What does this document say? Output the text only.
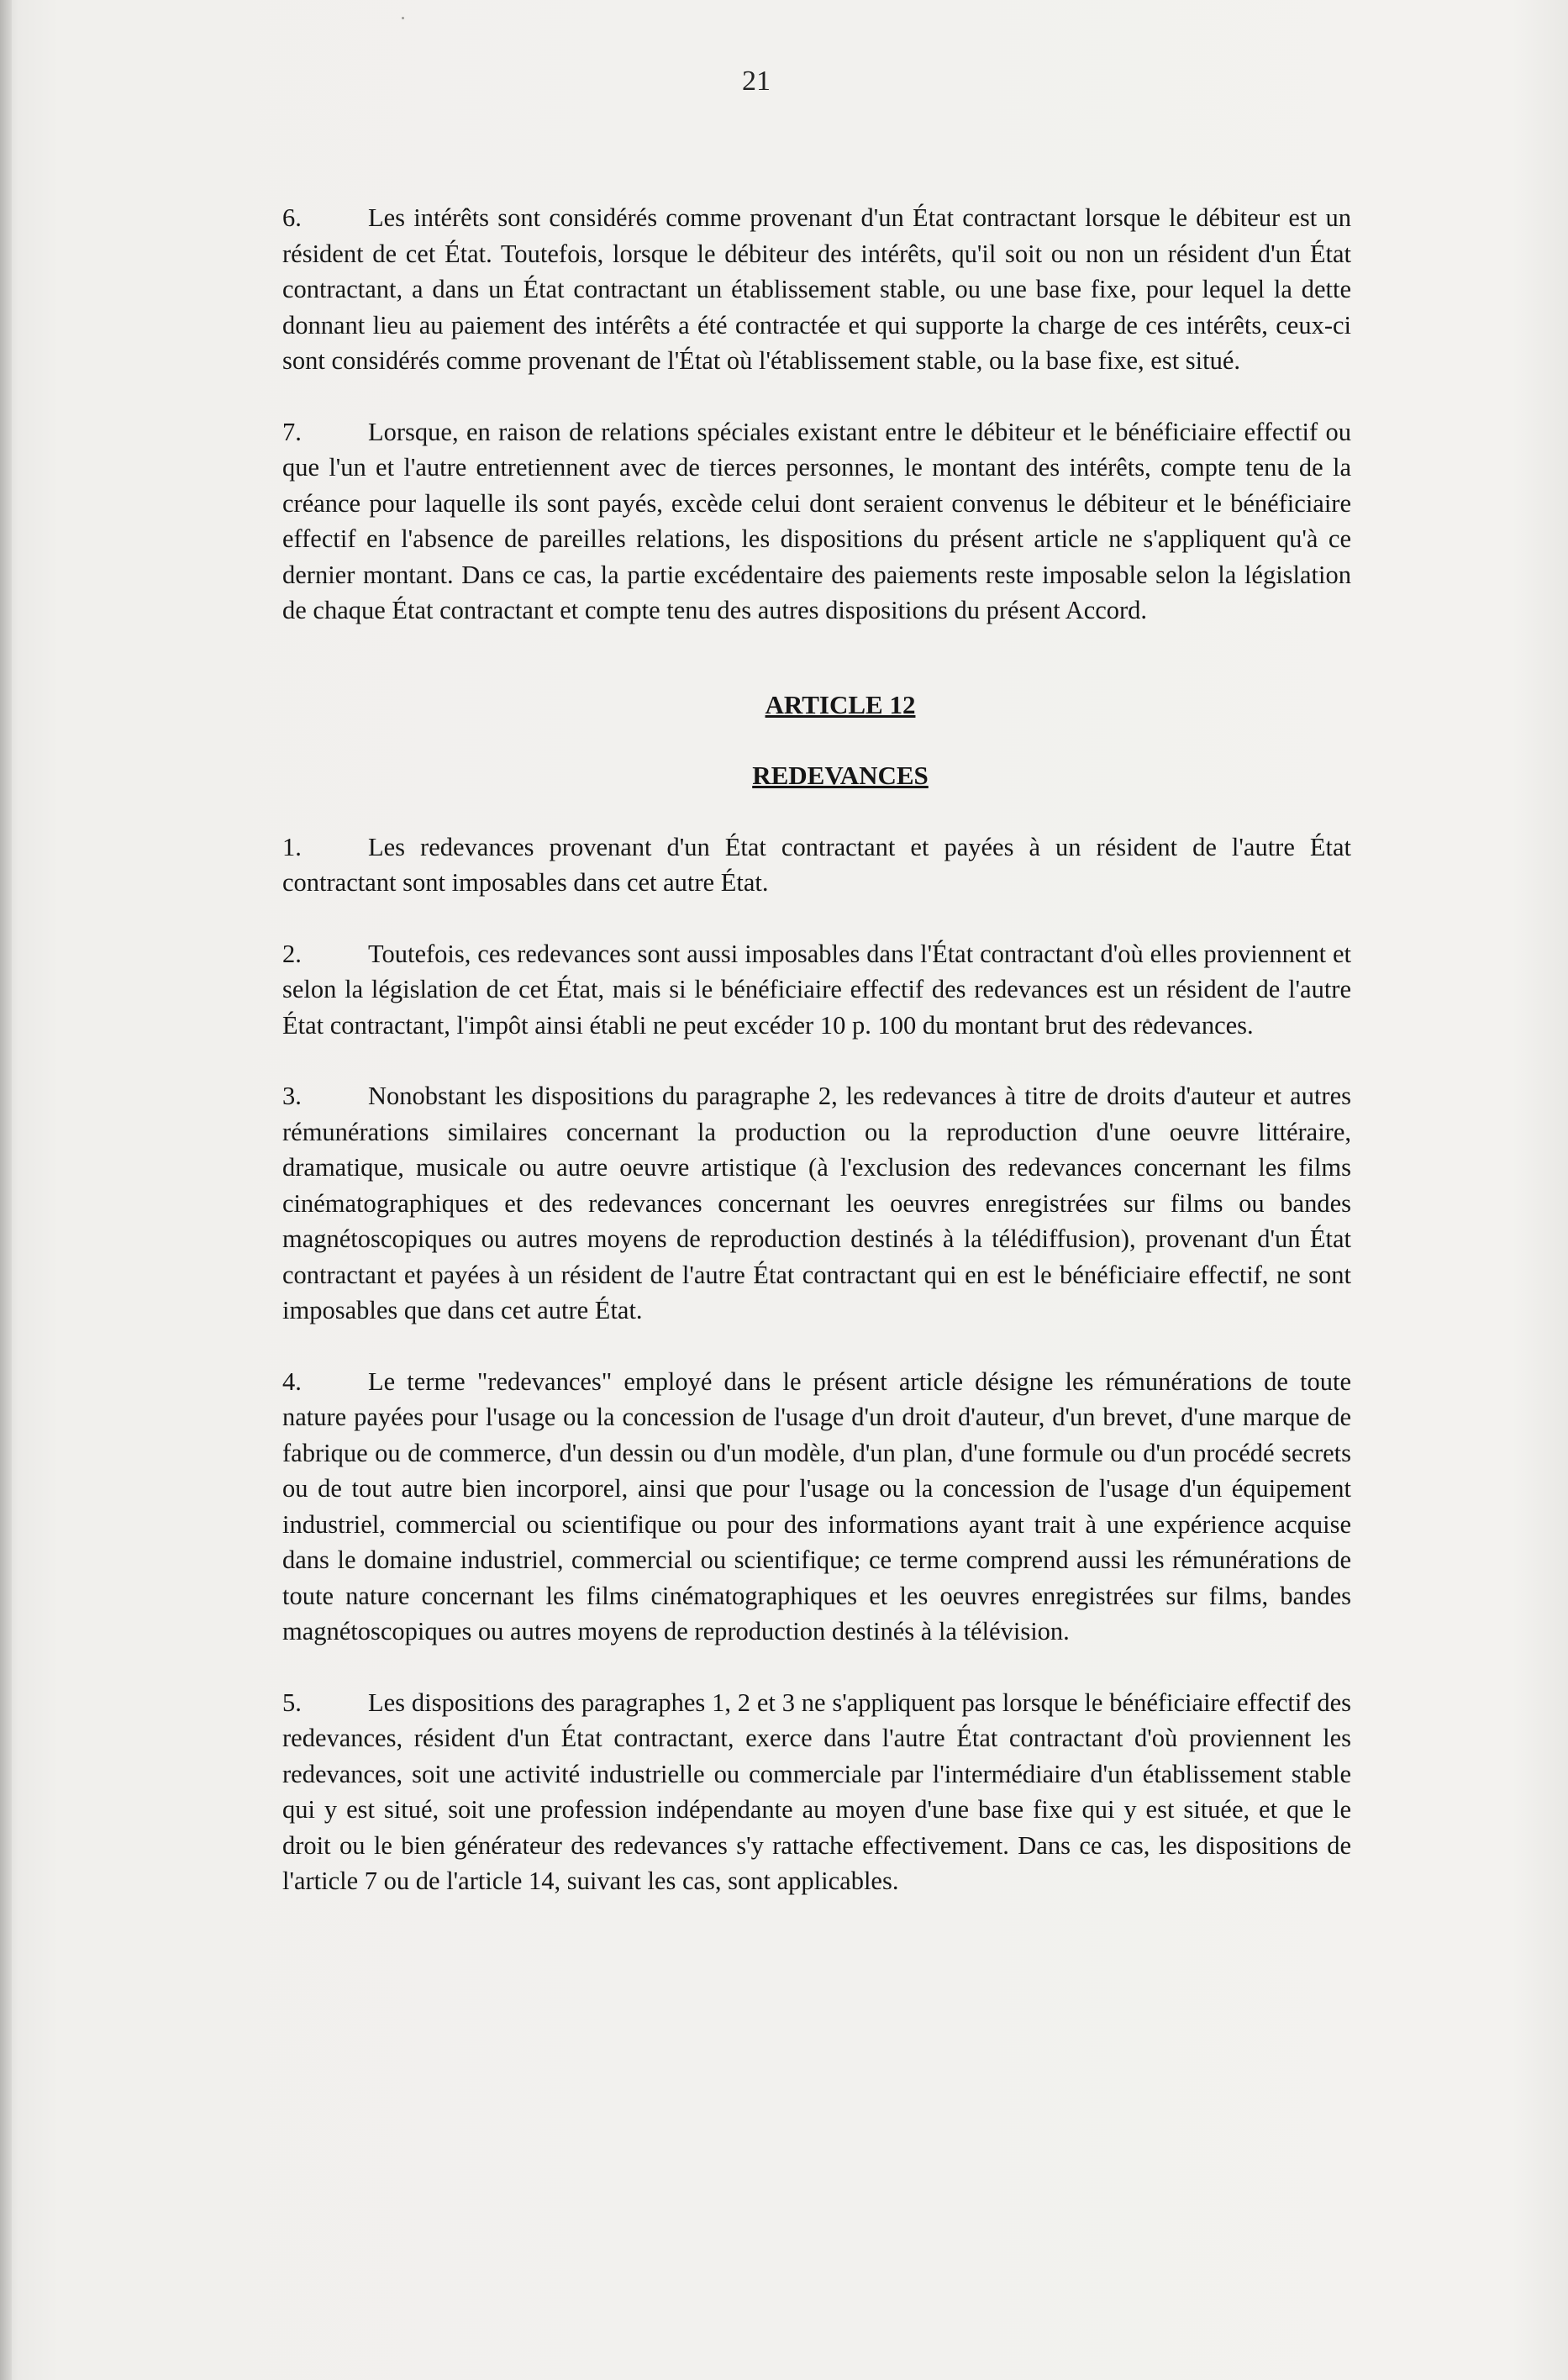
21

6.	Les intérêts sont considérés comme provenant d'un État contractant lorsque le débiteur est un résident de cet État. Toutefois, lorsque le débiteur des intérêts, qu'il soit ou non un résident d'un État contractant, a dans un État contractant un établissement stable, ou une base fixe, pour lequel la dette donnant lieu au paiement des intérêts a été contractée et qui supporte la charge de ces intérêts, ceux-ci sont considérés comme provenant de l'État où l'établissement stable, ou la base fixe, est situé.

7.	Lorsque, en raison de relations spéciales existant entre le débiteur et le bénéficiaire effectif ou que l'un et l'autre entretiennent avec de tierces personnes, le montant des intérêts, compte tenu de la créance pour laquelle ils sont payés, excède celui dont seraient convenus le débiteur et le bénéficiaire effectif en l'absence de pareilles relations, les dispositions du présent article ne s'appliquent qu'à ce dernier montant. Dans ce cas, la partie excédentaire des paiements reste imposable selon la législation de chaque État contractant et compte tenu des autres dispositions du présent Accord.

ARTICLE 12

REDEVANCES

1.	Les redevances provenant d'un État contractant et payées à un résident de l'autre État contractant sont imposables dans cet autre État.

2.	Toutefois, ces redevances sont aussi imposables dans l'État contractant d'où elles proviennent et selon la législation de cet État, mais si le bénéficiaire effectif des redevances est un résident de l'autre État contractant, l'impôt ainsi établi ne peut excéder 10 p. 100 du montant brut des redevances.

3.	Nonobstant les dispositions du paragraphe 2, les redevances à titre de droits d'auteur et autres rémunérations similaires concernant la production ou la reproduction d'une oeuvre littéraire, dramatique, musicale ou autre oeuvre artistique (à l'exclusion des redevances concernant les films cinématographiques et des redevances concernant les oeuvres enregistrées sur films ou bandes magnétoscopiques ou autres moyens de reproduction destinés à la télédiffusion), provenant d'un État contractant et payées à un résident de l'autre État contractant qui en est le bénéficiaire effectif, ne sont imposables que dans cet autre État.

4.	Le terme "redevances" employé dans le présent article désigne les rémunérations de toute nature payées pour l'usage ou la concession de l'usage d'un droit d'auteur, d'un brevet, d'une marque de fabrique ou de commerce, d'un dessin ou d'un modèle, d'un plan, d'une formule ou d'un procédé secrets ou de tout autre bien incorporel, ainsi que pour l'usage ou la concession de l'usage d'un équipement industriel, commercial ou scientifique ou pour des informations ayant trait à une expérience acquise dans le domaine industriel, commercial ou scientifique; ce terme comprend aussi les rémunérations de toute nature concernant les films cinématographiques et les oeuvres enregistrées sur films, bandes magnétoscopiques ou autres moyens de reproduction destinés à la télévision.

5.	Les dispositions des paragraphes 1, 2 et 3 ne s'appliquent pas lorsque le bénéficiaire effectif des redevances, résident d'un État contractant, exerce dans l'autre État contractant d'où proviennent les redevances, soit une activité industrielle ou commerciale par l'intermédiaire d'un établissement stable qui y est situé, soit une profession indépendante au moyen d'une base fixe qui y est située, et que le droit ou le bien générateur des redevances s'y rattache effectivement. Dans ce cas, les dispositions de l'article 7 ou de l'article 14, suivant les cas, sont applicables.
